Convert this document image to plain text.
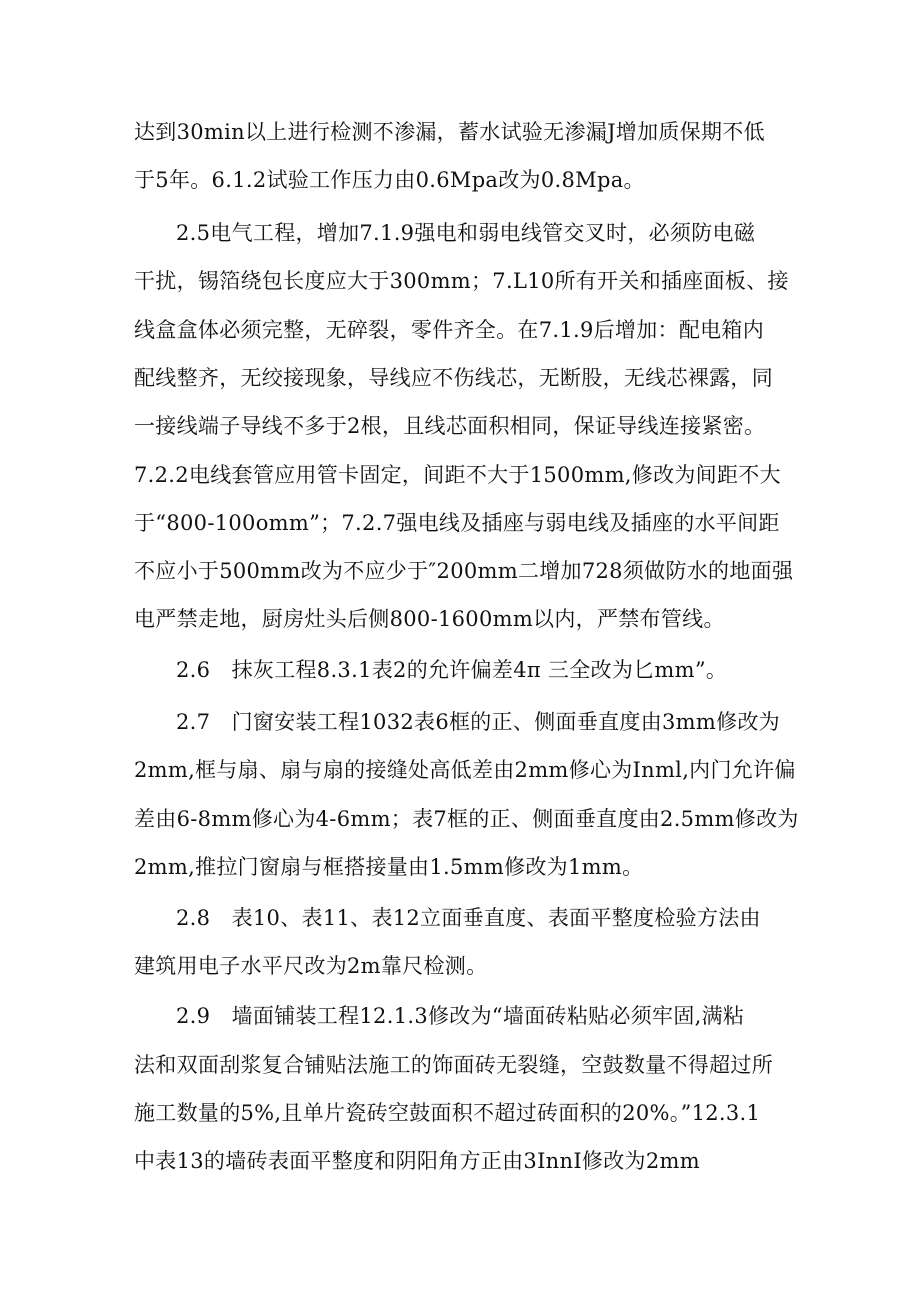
达到30min以上进行检测不渗漏，蓄水试验无渗漏J增加质保期不低
于5年。6.1.2试验工作压力由0.6Mpa改为0.8Mpa。
2.5电气工程，增加7.1.9强电和弱电线管交叉时，必须防电磁
干扰，锡箔绕包长度应大于300mm；7.L10所有开关和插座面板、接
线盒盒体必须完整，无碎裂，零件齐全。在7.1.9后增加：配电箱内
配线整齐，无绞接现象，导线应不伤线芯，无断股，无线芯裸露，同
一接线端子导线不多于2根，且线芯面积相同，保证导线连接紧密。
7.2.2电线套管应用管卡固定，间距不大于1500mm,修改为间距不大
于“800-100omm”；7.2.7强电线及插座与弱电线及插座的水平间距
不应小于500mm改为不应少于″200mm二增加728须做防水的地面强
电严禁走地，厨房灶头后侧800-1600mm以内，严禁布管线。
2.6　抹灰工程8.3.1表2的允许偏差4π 三全改为匕mm”。
2.7　门窗安装工程1032表6框的正、侧面垂直度由3mm修改为
2mm,框与扇、扇与扇的接缝处高低差由2mm修心为Inml,内门允许偏
差由6-8mm修心为4-6mm；表7框的正、侧面垂直度由2.5mm修改为
2mm,推拉门窗扇与框搭接量由1.5mm修改为1mm。
2.8　表10、表11、表12立面垂直度、表面平整度检验方法由
建筑用电子水平尺改为2m靠尺检测。
2.9　墙面铺装工程12.1.3修改为“墙面砖粘贴必须牢固,满粘
法和双面刮浆复合铺贴法施工的饰面砖无裂缝，空鼓数量不得超过所
施工数量的5%,且单片瓷砖空鼓面积不超过砖面积的20%。”12.3.1
中表13的墙砖表面平整度和阴阳角方正由3InnI修改为2mm
